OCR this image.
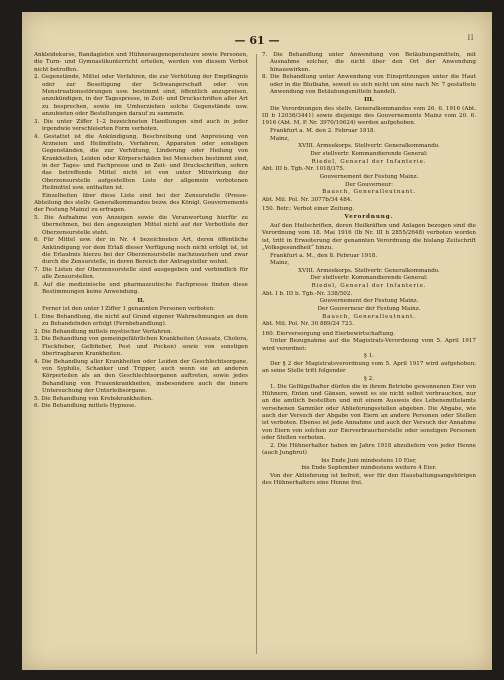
— 61 —	II

Ankleidekurse, Bandagisten und Hühneraugenoperateure sowie Personen, die Turn- und Gymnastikunterricht erteilen, werden von diesem Verbot nicht betroffen.

2. Gegenstände, Mittel oder Verfahren, die zur Verhütung der Empfängnis oder zur Beseitigung der Schwangerschaft oder von Menstruationsstörungen usw. bestimmt sind, öffentlich anzupreisen, anzukündigen, in der Tagespresse, in Zeit- und Druckschriften aller Art zu besprechen, sowie im Umherziehen solche Gegenstände usw. anzubieten oder Bestellungen darauf zu sammeln.

3. Die unter Ziffer 1–2 bezeichneten Handlungen sind auch in jeder irgendwie verschleierten Form verboten.

4. Gestattet ist die Ankündigung, Beschreibung und Anpreisung von Arzneien und Heilmitteln, Verfahren, Apparaten oder sonstigen Gegenständen, die zur Verhütung, Linderung oder Heilung von Krankheiten, Leiden oder Körperschäden bei Menschen bestimmt sind, in der Tages- und Fachpresse und in Zeit- und Druckschriften, sofern das betreffende Mittel nicht ist von unter Mitwirkung der Oberzensurstelle aufgestellten Liste der allgemein verbotenen Heilmittel usw. enthalten ist.

Einzelheiten über diese Liste sind bei der Zensurstelle (Presse-Abteilung des stellv. Generalkommandos bezw. des Königl. Gouvernements der Festung Mainz) zu erfragen.

5. Die Aufnahme von Anzeigen sowie die Veranwortung hierfür zu übernehmen, bei den angezeigten Mittel nicht auf der Verbotliste der Oberzensurstelle steht.

6. Für Mittel usw. der in Nr. 4 bezeichneten Art, deren öffentliche Ankündigung vor dem Erlaß dieser Verfügung noch nicht erfolgt ist, ist die Erlaubnis hierzu bei der Oberzensurstelle nachzusuchen und zwar durch die Zensurstelle, in deren Bereich der Antragsteller wohnt.

7. Die Listen der Oberzensurstelle sind ausgegeben und verbindlich für alle Zensurstellen.

8. Auf die medizinische und pharmazeutische Fachpresse finden diese Bestimmungen keine Anwendung.

II.

Ferner ist den unter I Ziffer 1 genannten Personen verboten:

1. Eine Behandlung, die nicht auf Grund eigener Wahrnehmungen an dem zu Behandelnden erfolgt (Fernbehandlung).

2. Die Behandlung mittels mystischer Verfahren.

3. Die Behandlung von gemeingefährlichen Krankheiten (Aussatz, Cholera, Fleckfieber, Gelbfieber, Pest und Pocken) sowie von sonstigen übertragbaren Krankheiten.

4. Die Behandlung aller Krankheiten oder Leiden der Geschlechtsorgane, von Syphilis, Schanker und Tripper, auch wenn sie an anderen Körperteilen als an den Geschlechtsorganen auftreten, sowie jedes Behandlung von Frauenkrankheiten, insbesondere auch die innere Untersuchung der Unterleibsorgane.

5. Die Behandlung von Krebskrankheiten.

6. Die Behandlung mittels Hypnose.

7. Die Behandlung unter Anwendung von Betäubungsmitteln, mit Ausnahme solcher, die nicht über den Ort der Anwendung hinauswirken.

8. Die Behandlung unter Anwendung von Einspritzungen unter die Haut oder in die Blutbahn, soweit es sich nicht um eine nach Nr. 7 gestattete Anwendung von Betäubungsmitteln handelt.

III.

Die Verordnungen des stellv. Generalkommandos vom 26. 6. 1916 (Abt. III b 12036/3441) sowie diejenige des Gouvernements Mainz vom 20. 6. 1916 (Abt. M, P. Nr. 3970/10624) werden aufgehoben.

Frankfurt a. M. den 2. Februar 1918.

Mainz,

XVIII. Armeekorps. Stellvertr. Generalkommando.

Der stellvertr. Kommandierende General:

Riedel, General der Infanterie.

Abt. III b. Tgb.-Nr. 1018/375.

Gouvernement der Festung Mainz.

Der Gouverneur:

Bausch, Generalleutnant.

Abt. Mil. Pol. Nr. 3077b/34 484.

150. Betr.: Verbot einer Zeitung.

Verordnung.

Auf den Heilschriften, deren Heilkräften und Anlagen bezogen sind die Verordnung vom 18. Mai 1916 (Ib Nr. III b 2855/2648) verboten worden ist, tritt in Erweiterung der genannten Verordnung die bislang Zeitschrift „Volksgesundheit“ hinzu.

Frankfurt a. M., den 8. Februar 1918.

Mainz,

XVIII. Armeekorps. Stellvertr. Generalkommando.

Der stellvertr. Kommandierende General:

Riedel, General der Infanterie.

Abt. I b. III b. Tgb.-Nr. 338/502.

Gouvernement der Festung Mainz.

Der Gouverneur der Festung Mainz.

Bausch, Generalleutnant.

Abt. Mil. Pol. Nr. 30 889/24 723.

160. Eierversorgung und Eierbewirtschaftung.

Unter Bezugnahme auf die Magistrats-Verordnung vom 5. April 1917 wird verordnet:

§ 1.

Der § 2 der Magistratsverordnung vom 5. April 1917 wird aufgehoben; an seine Stelle tritt folgender

§ 2.

1. Die Geflügelhalter dürfen die in ihrem Betriebe gewonnenen Eier von Hühnern, Enten und Gänsen, soweit es sie nicht selbst verbrauchen, nur an die amtlich bestellten und mit einem Ausweis des Lebensmittelamts versehenen Sammler oder Ablieferungsstellen abgeben. Die Abgabe, wie auch der Versuch der Abgabe von Eiern an andere Personen oder Stellen ist verboten. Ebenso ist jede Annahme und auch der Versuch der Annahme von Eiern von solchen zur Eierverbraucherstelle oder sonstigen Personen oder Stellen verboten.

2. Die Hühnerhalter haben im Jahre 1918 abzuliefern von jeder Henne (auch Jungbrut)

bis Ende Juni mindestens 10 Eier,

bis Ende September mindestens weitere 4 Eier.

Von der Ablieferung ist befreit, wer für den Haushaltungsangehörigen des Hühnerhalters eine Henne frei.
